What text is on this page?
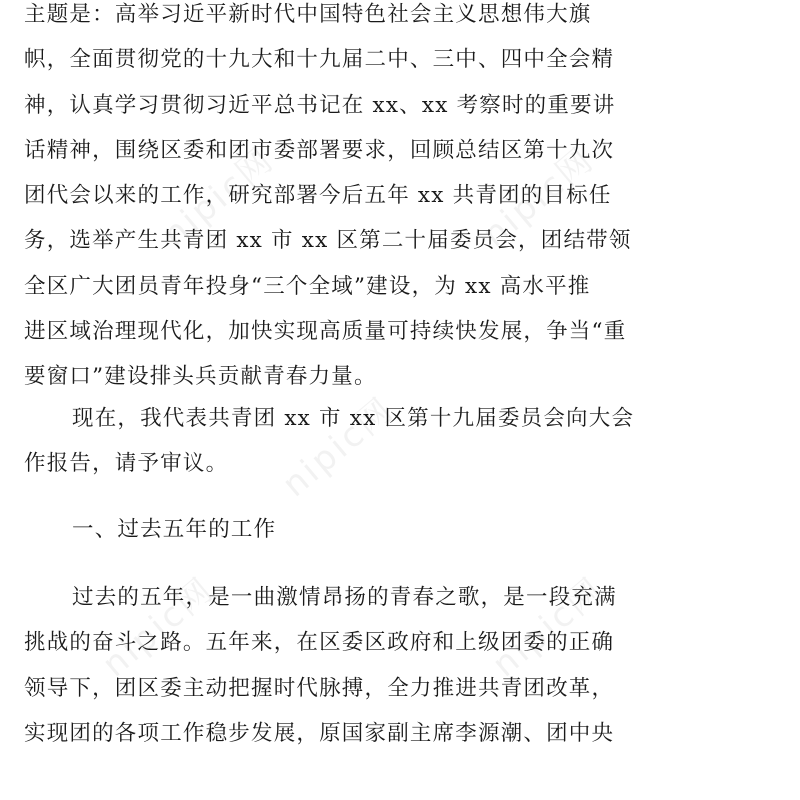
nipic网	nipic网
nipic网
nipic网
nipic网
主题是：高举习近平新时代中国特色社会主义思想伟大旗
帜，全面贯彻党的十九大和十九届二中、三中、四中全会精
神，认真学习贯彻习近平总书记在 xx、xx 考察时的重要讲
话精神，围绕区委和团市委部署要求，回顾总结区第十九次
团代会以来的工作，研究部署今后五年 xx 共青团的目标任
务，选举产生共青团 xx 市 xx 区第二十届委员会，团结带领
全区广大团员青年投身“三个全域”建设，为 xx 高水平推
进区域治理现代化，加快实现高质量可持续快发展，争当“重
要窗口”建设排头兵贡献青春力量。
现在，我代表共青团 xx 市 xx 区第十九届委员会向大会
作报告，请予审议。
一、过去五年的工作
过去的五年，是一曲激情昂扬的青春之歌，是一段充满
挑战的奋斗之路。五年来，在区委区政府和上级团委的正确
领导下，团区委主动把握时代脉搏，全力推进共青团改革，
实现团的各项工作稳步发展，原国家副主席李源潮、团中央
